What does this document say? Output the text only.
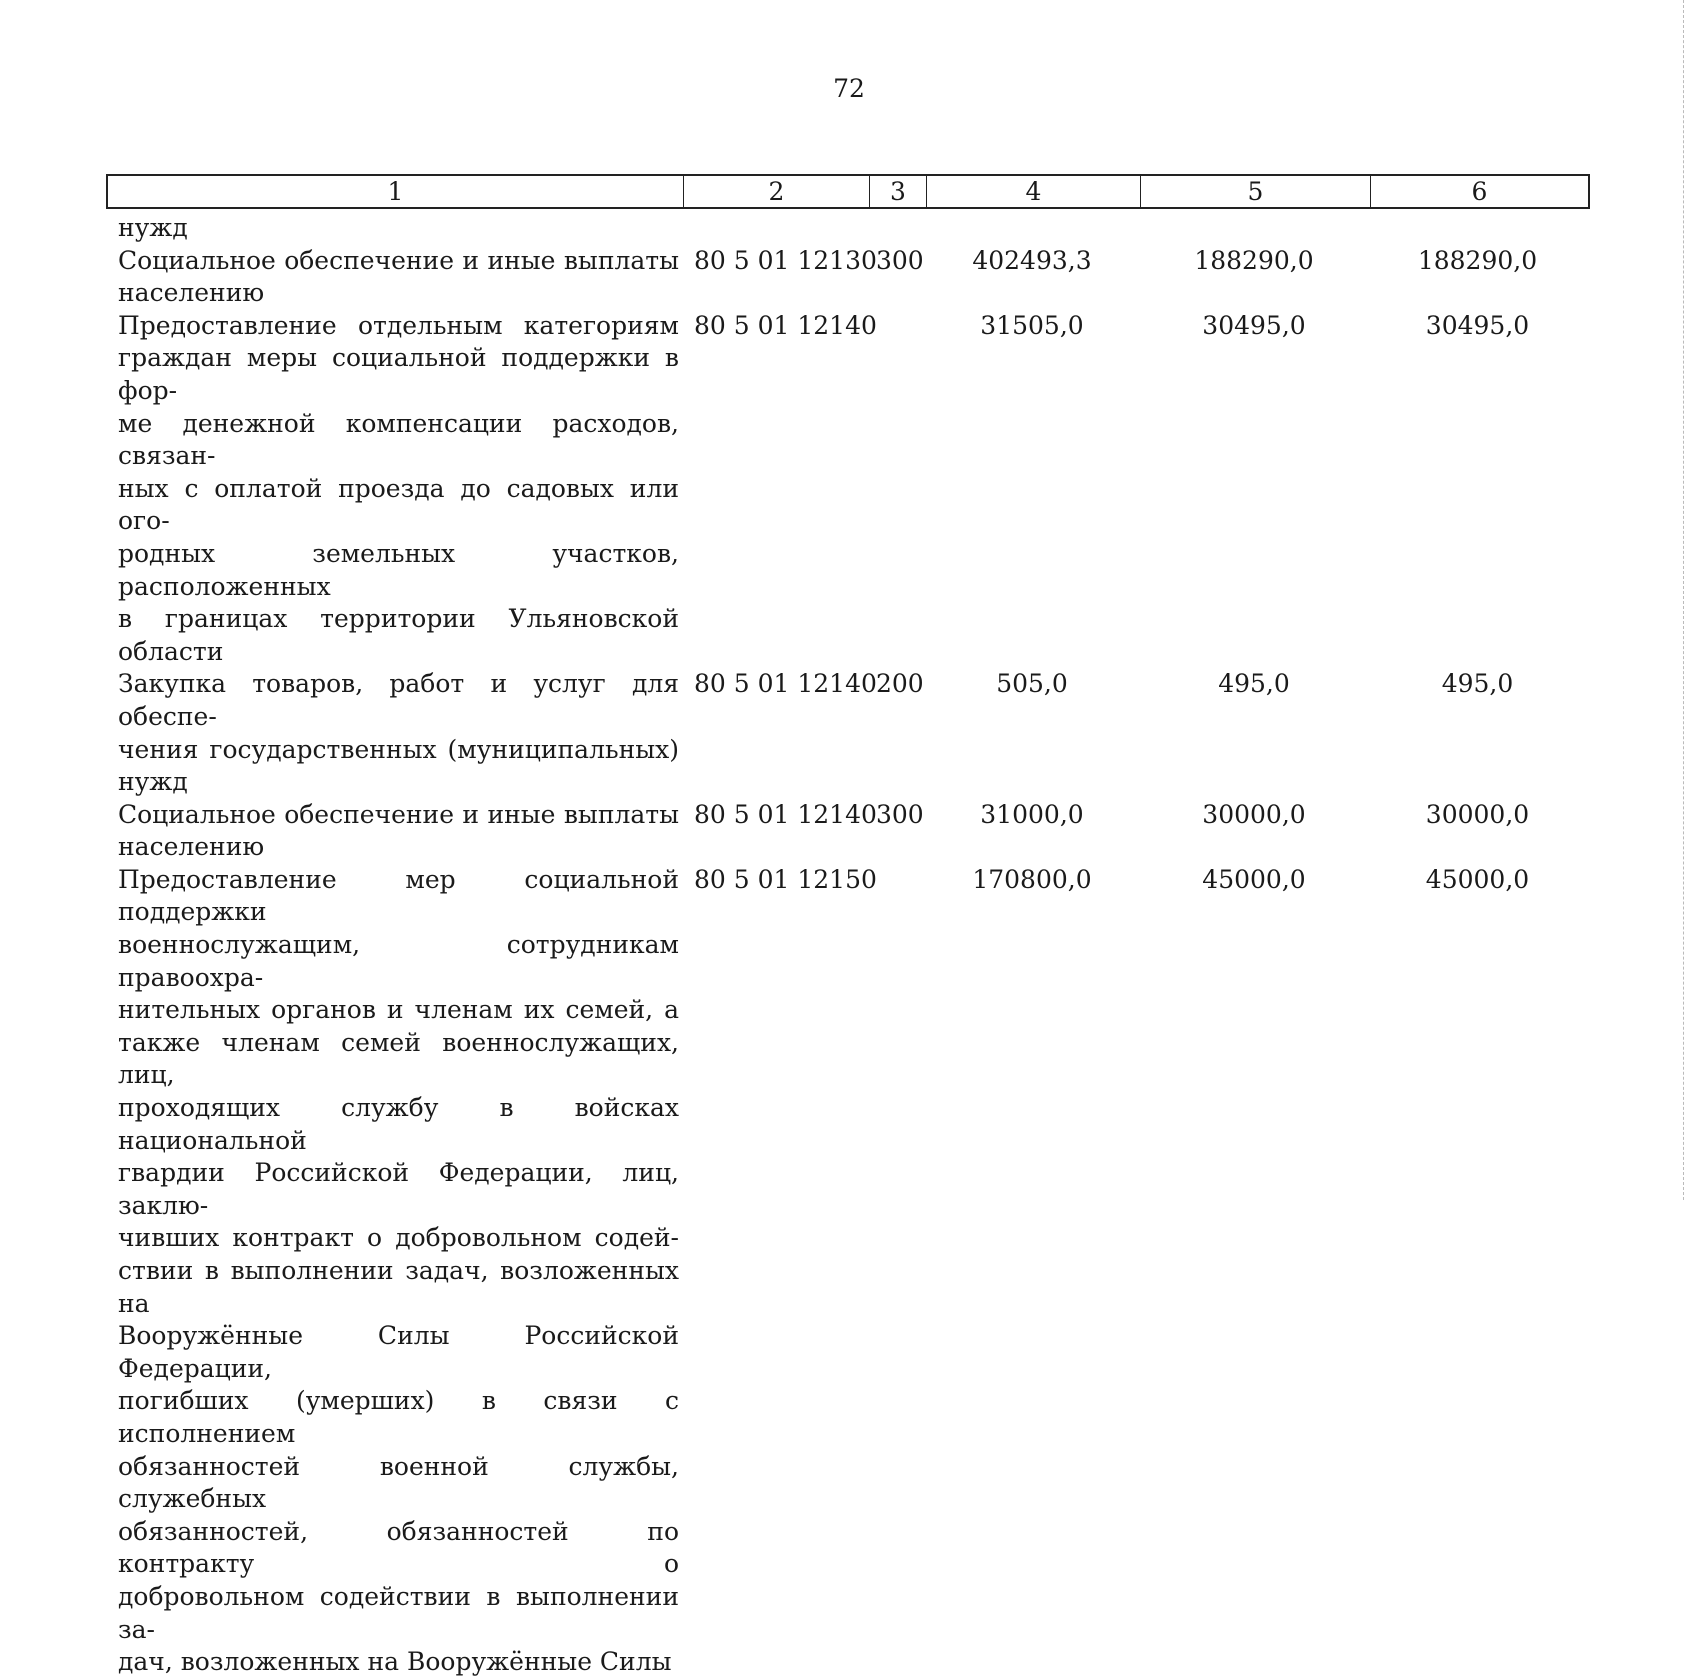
72
1	2	3	4	5	6
нужд
Социальное обеспечение и иные выплаты
населению
80 5 01 12130 300	402493,3	188290,0	188290,0
Предоставление отдельным категориям
граждан меры социальной поддержки в фор-
ме денежной компенсации расходов, связан-
ных с оплатой проезда до садовых или ого-
родных земельных участков, расположенных
в границах территории Ульяновской области
80 5 01 12140	31505,0	30495,0	30495,0
Закупка товаров, работ и услуг для обеспе-
чения государственных (муниципальных)
нужд
80 5 01 12140 200	505,0	495,0	495,0
Социальное обеспечение и иные выплаты
населению
80 5 01 12140 300	31000,0	30000,0	30000,0
Предоставление мер социальной поддержки
военнослужащим, сотрудникам правоохра-
нительных органов и членам их семей, а
также членам семей военнослужащих, лиц,
проходящих службу в войсках национальной
гвардии Российской Федерации, лиц, заклю-
чивших контракт о добровольном содей-
ствии в выполнении задач, возложенных на
Вооружённые Силы Российской Федерации,
погибших (умерших) в связи с исполнением
обязанностей военной службы, служебных
обязанностей, обязанностей по контракту о
добровольном содействии в выполнении за-
дач, возложенных на Вооружённые Силы
80 5 01 12150	170800,0	45000,0	45000,0
